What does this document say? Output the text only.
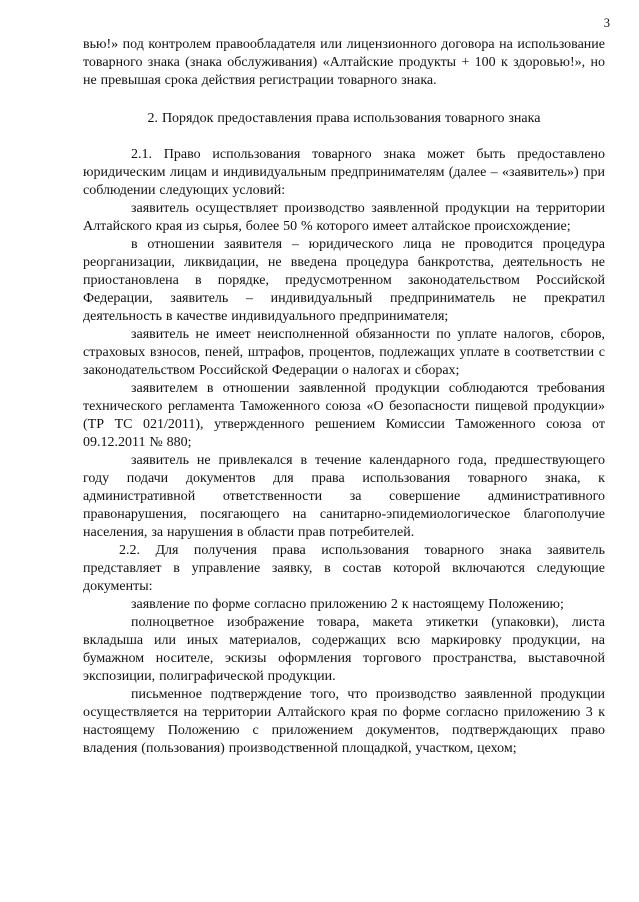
3

вью!» под контролем правообладателя или лицензионного договора на использование товарного знака (знака обслуживания) «Алтайские продукты + 100 к здоровью!», но не превышая срока действия регистрации товарного знака.

2. Порядок предоставления права использования товарного знака

2.1. Право использования товарного знака может быть предоставлено юридическим лицам и индивидуальным предпринимателям (далее – «заявитель») при соблюдении следующих условий:

заявитель осуществляет производство заявленной продукции на территории Алтайского края из сырья, более 50 % которого имеет алтайское происхождение;

в отношении заявителя – юридического лица не проводится процедура реорганизации, ликвидации, не введена процедура банкротства, деятельность не приостановлена в порядке, предусмотренном законодательством Российской Федерации, заявитель – индивидуальный предприниматель не прекратил деятельность в качестве индивидуального предпринимателя;

заявитель не имеет неисполненной обязанности по уплате налогов, сборов, страховых взносов, пеней, штрафов, процентов, подлежащих уплате в соответствии с законодательством Российской Федерации о налогах и сборах;

заявителем в отношении заявленной продукции соблюдаются требования технического регламента Таможенного союза «О безопасности пищевой продукции» (ТР ТС 021/2011), утвержденного решением Комиссии Таможенного союза от 09.12.2011 № 880;

заявитель не привлекался в течение календарного года, предшествующего году подачи документов для права использования товарного знака, к административной ответственности за совершение административного правонарушения, посягающего на санитарно-эпидемиологическое благополучие населения, за нарушения в области прав потребителей.

2.2. Для получения права использования товарного знака заявитель представляет в управление заявку, в состав которой включаются следующие документы:

заявление по форме согласно приложению 2 к настоящему Положению;

полноцветное изображение товара, макета этикетки (упаковки), листа вкладыша или иных материалов, содержащих всю маркировку продукции, на бумажном носителе, эскизы оформления торгового пространства, выставочной экспозиции, полиграфической продукции.

письменное подтверждение того, что производство заявленной продукции осуществляется на территории Алтайского края по форме согласно приложению 3 к настоящему Положению с приложением документов, подтверждающих право владения (пользования) производственной площадкой, участком, цехом;
